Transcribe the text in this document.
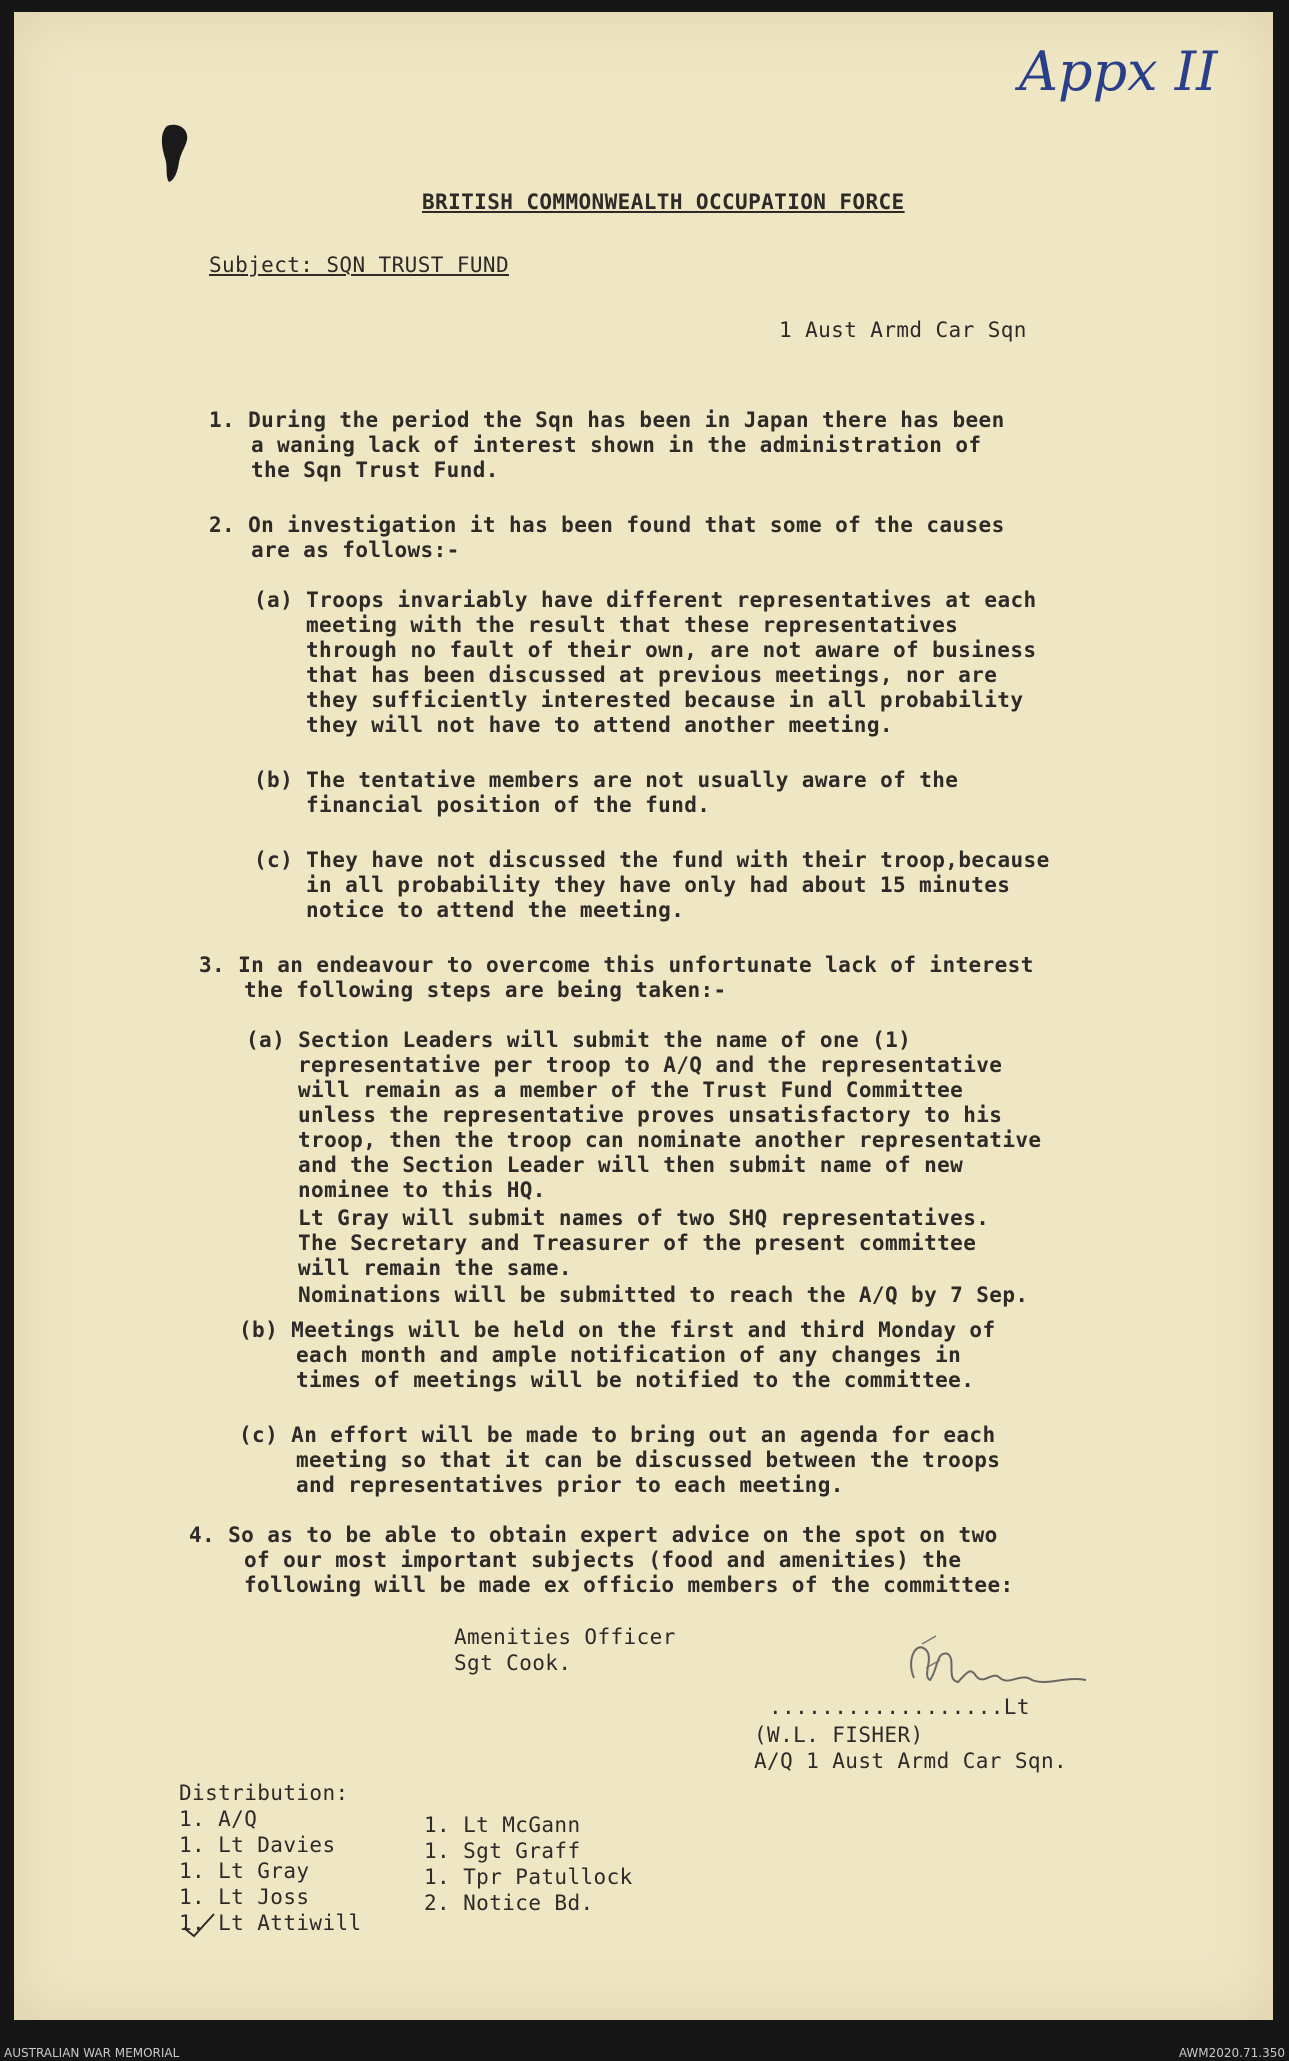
Appx II
BRITISH COMMONWEALTH OCCUPATION FORCE
Subject: SQN TRUST FUND
1 Aust Armd Car Sqn
1. During the period the Sqn has been in Japan there has been
a waning lack of interest shown in the administration of
the Sqn Trust Fund.
2. On investigation it has been found that some of the causes
are as follows:-
(a) Troops invariably have different representatives at each
meeting with the result that these representatives
through no fault of their own, are not aware of business
that has been discussed at previous meetings, nor are
they sufficiently interested because in all probability
they will not have to attend another meeting.
(b) The tentative members are not usually aware of the
financial position of the fund.
(c) They have not discussed the fund with their troop,because
in all probability they have only had about 15 minutes
notice to attend the meeting.
3. In an endeavour to overcome this unfortunate lack of interest
the following steps are being taken:-
(a) Section Leaders will submit the name of one (1)
representative per troop to A/Q and the representative
will remain as a member of the Trust Fund Committee
unless the representative proves unsatisfactory to his
troop, then the troop can nominate another representative
and the Section Leader will then submit name of new
nominee to this HQ.
Lt Gray will submit names of two SHQ representatives.
The Secretary and Treasurer of the present committee
will remain the same.
Nominations will be submitted to reach the A/Q by 7 Sep.
(b) Meetings will be held on the first and third Monday of
each month and ample notification of any changes in
times of meetings will be notified to the committee.
(c) An effort will be made to bring out an agenda for each
meeting so that it can be discussed between the troops
and representatives prior to each meeting.
4. So as to be able to obtain expert advice on the spot on two
of our most important subjects (food and amenities) the
following will be made ex officio members of the committee:
Amenities Officer
Sgt Cook.
..................Lt
(W.L. FISHER)
A/Q 1 Aust Armd Car Sqn.
Distribution:
1. A/Q
1. Lt Davies
1. Lt Gray
1. Lt Joss
1. Lt Attiwill
1. Lt McGann
1. Sgt Graff
1. Tpr Patullock
2. Notice Bd.
AUSTRALIAN WAR MEMORIAL	AWM2020.71.350
